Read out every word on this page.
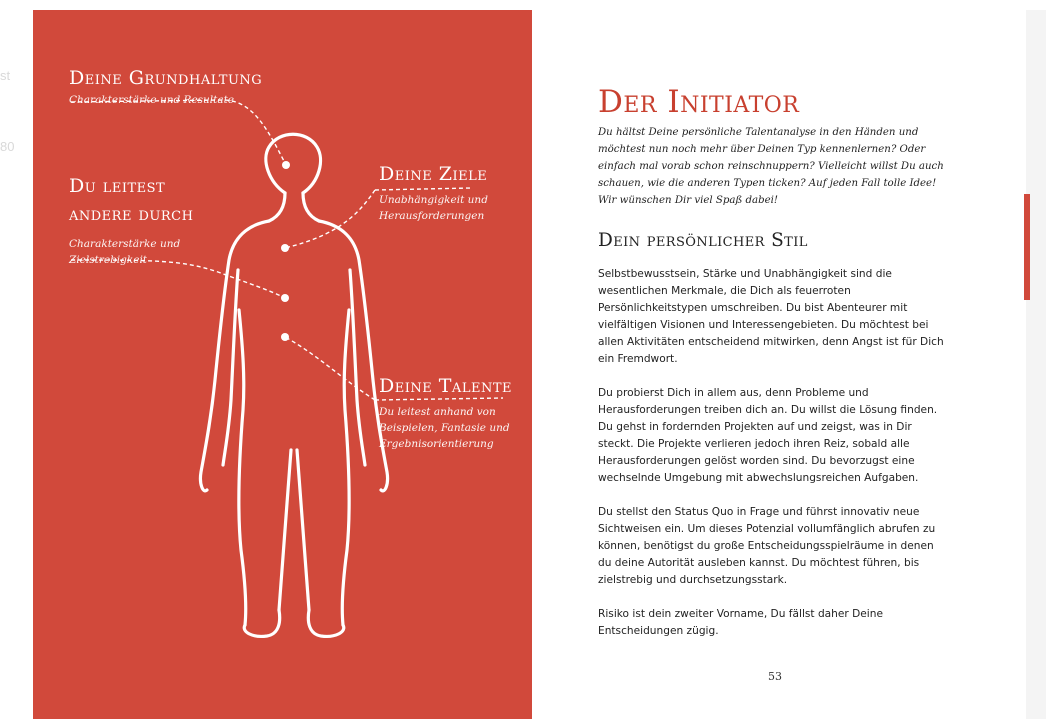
st
80
Deine Grundhaltung
Charakterstärke und Resultate
Du leitest
andere durch
Charakterstärke und
Zielstrebigkeit
Deine Ziele
Unabhängigkeit und
Herausforderungen
Deine Talente
Du leitest anhand von
Beispielen, Fantasie und
Ergebnisorientierung
Der Initiator
Du hältst Deine persönliche Talentanalyse in den Händen und möchtest nun noch mehr über Deinen Typ kennenlernen? Oder einfach mal vorab schon reinschnuppern? Vielleicht willst Du auch schauen, wie die anderen Typen ticken? Auf jeden Fall tolle Idee! Wir wünschen Dir viel Spaß dabei!
Dein persönlicher Stil

Selbstbewusstsein, Stärke und Unabhängigkeit sind die wesentlichen Merkmale, die Dich als feuerroten Persönlichkeitstypen umschreiben. Du bist Abenteurer mit vielfältigen Visionen und Interessengebieten. Du möchtest bei allen Aktivitäten entscheidend mitwirken, denn Angst ist für Dich ein Fremdwort.

Du probierst Dich in allem aus, denn Probleme und Herausforderungen treiben dich an. Du willst die Lösung finden. Du gehst in fordernden Projekten auf und zeigst, was in Dir steckt. Die Projekte verlieren jedoch ihren Reiz, sobald alle Herausforderungen gelöst worden sind. Du bevorzugst eine wechselnde Umgebung mit abwechslungsreichen Aufgaben.

Du stellst den Status Quo in Frage und führst innovativ neue Sichtweisen ein. Um dieses Potenzial vollumfänglich abrufen zu können, benötigst du große Entscheidungsspielräume in denen du deine Autorität ausleben kannst. Du möchtest führen, bis zielstrebig und durchsetzungsstark.

Risiko ist dein zweiter Vorname, Du fällst daher Deine Entscheidungen zügig.

53
